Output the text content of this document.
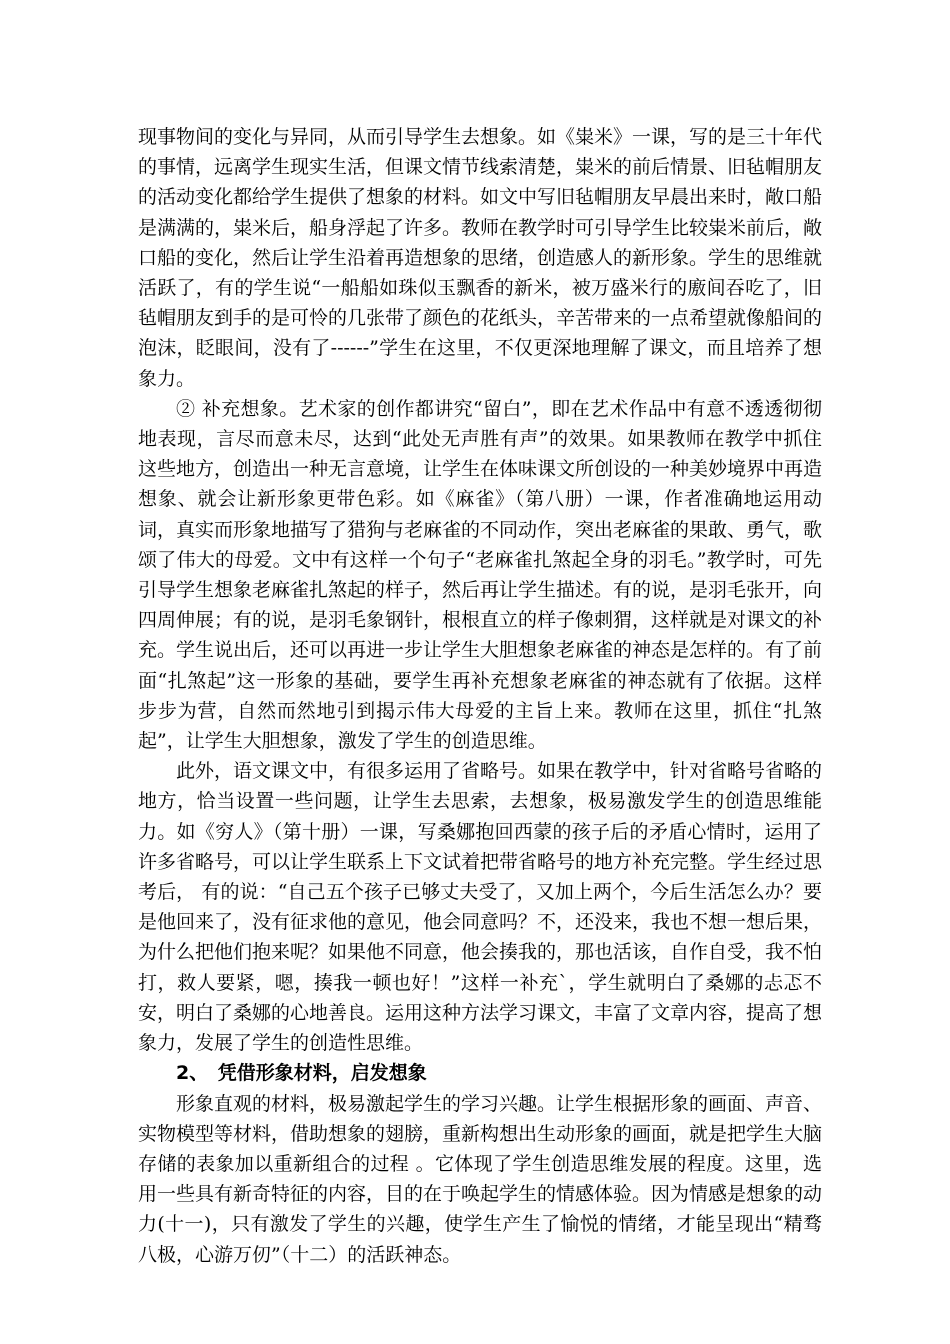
现事物间的变化与异同，从而引导学生去想象。如《粜米》一课，写的是三十年代的事情，远离学生现实生活，但课文情节线索清楚，粜米的前后情景、旧毡帽朋友的活动变化都给学生提供了想象的材料。如文中写旧毡帽朋友早晨出来时，敞口船是满满的，粜米后，船身浮起了许多。教师在教学时可引导学生比较粜米前后，敞口船的变化，然后让学生沿着再造想象的思绪，创造感人的新形象。学生的思维就活跃了，有的学生说“一船船如珠似玉飘香的新米，被万盛米行的廒间吞吃了，旧毡帽朋友到手的是可怜的几张带了颜色的花纸头，辛苦带来的一点希望就像船间的泡沫，眨眼间，没有了------”学生在这里，不仅更深地理解了课文，而且培养了想象力。

② 补充想象。艺术家的创作都讲究“留白”，即在艺术作品中有意不透透彻彻地表现，言尽而意未尽，达到“此处无声胜有声”的效果。如果教师在教学中抓住这些地方，创造出一种无言意境，让学生在体味课文所创设的一种美妙境界中再造想象、就会让新形象更带色彩。如《麻雀》（第八册）一课，作者准确地运用动词，真实而形象地描写了猎狗与老麻雀的不同动作，突出老麻雀的果敢、勇气，歌颂了伟大的母爱。文中有这样一个句子“老麻雀扎煞起全身的羽毛。”教学时，可先引导学生想象老麻雀扎煞起的样子，然后再让学生描述。有的说，是羽毛张开，向四周伸展；有的说，是羽毛象钢针，根根直立的样子像刺猬，这样就是对课文的补充。学生说出后，还可以再进一步让学生大胆想象老麻雀的神态是怎样的。有了前面“扎煞起”这一形象的基础，要学生再补充想象老麻雀的神态就有了依据。这样步步为营，自然而然地引到揭示伟大母爱的主旨上来。教师在这里，抓住“扎煞起”，让学生大胆想象，激发了学生的创造思维。

此外，语文课文中，有很多运用了省略号。如果在教学中，针对省略号省略的地方，恰当设置一些问题，让学生去思索，去想象，极易激发学生的创造思维能力。如《穷人》（第十册）一课，写桑娜抱回西蒙的孩子后的矛盾心情时，运用了许多省略号，可以让学生联系上下文试着把带省略号的地方补充完整。学生经过思考后， 有的说：“自己五个孩子已够丈夫受了，又加上两个，今后生活怎么办？要是他回来了，没有征求他的意见，他会同意吗？不，还没来，我也不想一想后果，为什么把他们抱来呢？如果他不同意，他会揍我的，那也活该，自作自受，我不怕打，救人要紧，嗯，揍我一顿也好！”这样一补充`，学生就明白了桑娜的忐忑不安，明白了桑娜的心地善良。运用这种方法学习课文，丰富了文章内容，提高了想象力，发展了学生的创造性思维。

2、　凭借形象材料，启发想象

形象直观的材料，极易激起学生的学习兴趣。让学生根据形象的画面、声音、实物模型等材料，借助想象的翅膀，重新构想出生动形象的画面，就是把学生大脑存储的表象加以重新组合的过程 。它体现了学生创造思维发展的程度。这里，选用一些具有新奇特征的内容，目的在于唤起学生的情感体验。因为情感是想象的动力(十一)，只有激发了学生的兴趣，使学生产生了愉悦的情绪，才能呈现出“精骛八极，心游万仞”（十二）的活跃神态。
